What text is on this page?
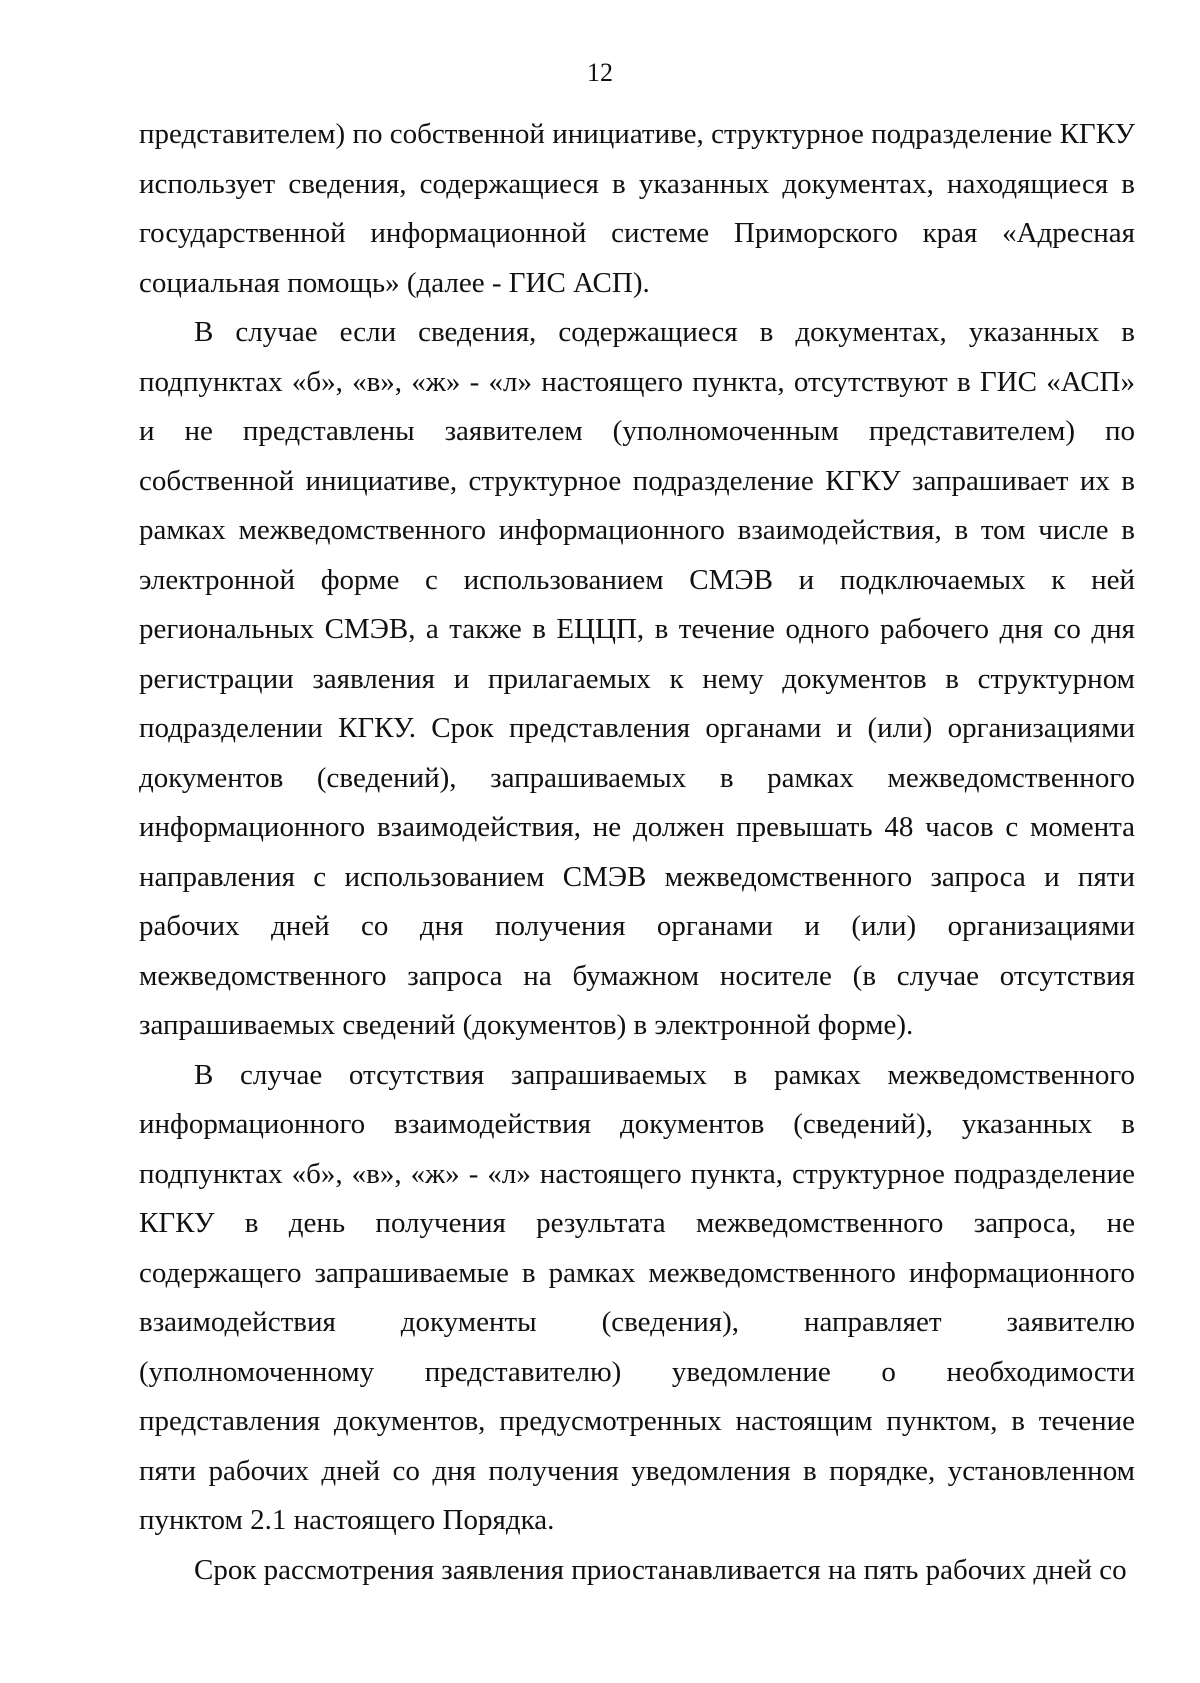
12

представителем) по собственной инициативе, структурное подразделение КГКУ использует сведения, содержащиеся в указанных документах, находящиеся в государственной информационной системе Приморского края «Адресная социальная помощь» (далее - ГИС АСП).

В случае если сведения, содержащиеся в документах, указанных в подпунктах «б», «в», «ж» - «л» настоящего пункта, отсутствуют в ГИС «АСП» и не представлены заявителем (уполномоченным представителем) по собственной инициативе, структурное подразделение КГКУ запрашивает их в рамках межведомственного информационного взаимодействия, в том числе в электронной форме с использованием СМЭВ и подключаемых к ней региональных СМЭВ, а также в ЕЦЦП, в течение одного рабочего дня со дня регистрации заявления и прилагаемых к нему документов в структурном подразделении КГКУ. Срок представления органами и (или) организациями документов (сведений), запрашиваемых в рамках межведомственного информационного взаимодействия, не должен превышать 48 часов с момента направления с использованием СМЭВ межведомственного запроса и пяти рабочих дней со дня получения органами и (или) организациями межведомственного запроса на бумажном носителе (в случае отсутствия запрашиваемых сведений (документов) в электронной форме).

В случае отсутствия запрашиваемых в рамках межведомственного информационного взаимодействия документов (сведений), указанных в подпунктах «б», «в», «ж» - «л» настоящего пункта, структурное подразделение КГКУ в день получения результата межведомственного запроса, не содержащего запрашиваемые в рамках межведомственного информационного взаимодействия документы (сведения), направляет заявителю (уполномоченному представителю) уведомление о необходимости представления документов, предусмотренных настоящим пунктом, в течение пяти рабочих дней со дня получения уведомления в порядке, установленном пунктом 2.1 настоящего Порядка.

Срок рассмотрения заявления приостанавливается на пять рабочих дней со
